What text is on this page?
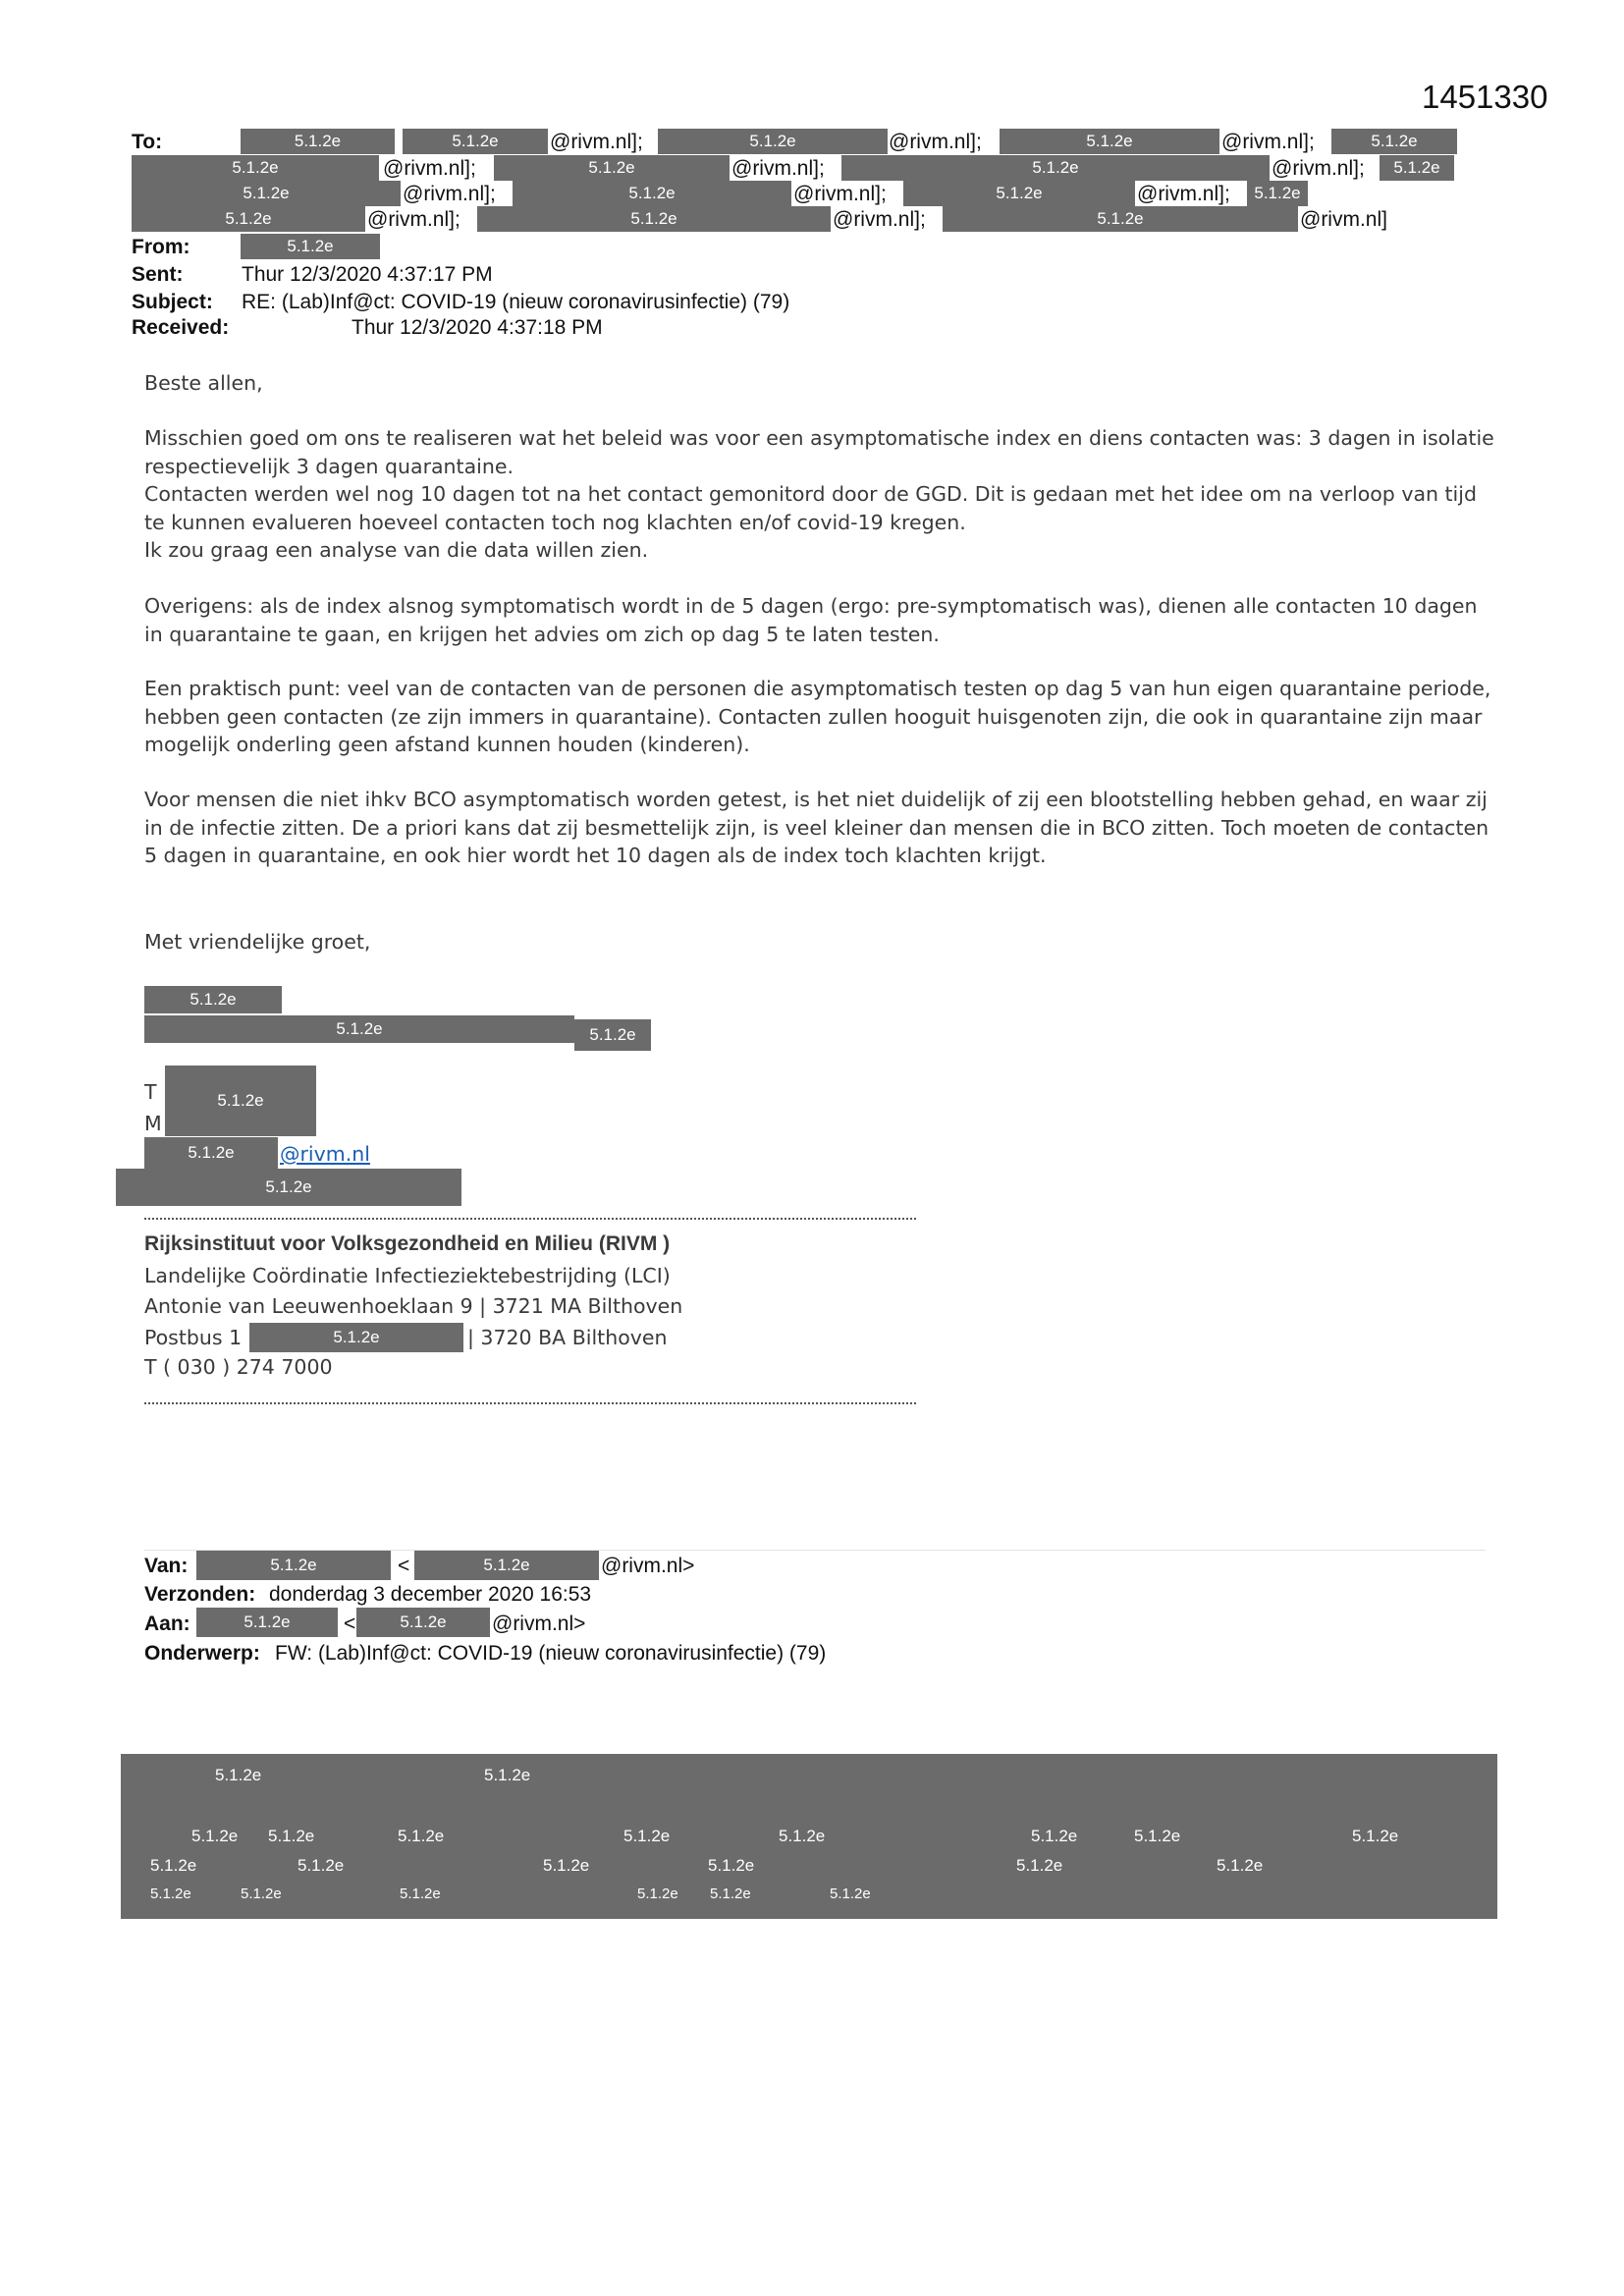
1451330
To:	5.1.2e	5.1.2e	@rivm.nl];	5.1.2e	@rivm.nl];	5.1.2e	@rivm.nl];	5.1.2e
5.1.2e	@rivm.nl];	5.1.2e	@rivm.nl];	5.1.2e	@rivm.nl];	5.1.2e
5.1.2e	@rivm.nl];	5.1.2e	@rivm.nl];	5.1.2e	@rivm.nl];	5.1.2e
5.1.2e	@rivm.nl];	5.1.2e	@rivm.nl];	5.1.2e	@rivm.nl]
From:	5.1.2e
Sent:	Thur 12/3/2020 4:37:17 PM
Subject: RE: (Lab)Inf@ct: COVID-19 (nieuw coronavirusinfectie) (79)
Received:	Thur 12/3/2020 4:37:18 PM
Beste allen,
Misschien goed om ons te realiseren wat het beleid was voor een asymptomatische index en diens contacten was: 3 dagen in isolatie respectievelijk 3 dagen quarantaine.
Contacten werden wel nog 10 dagen tot na het contact gemonitord door de GGD. Dit is gedaan met het idee om na verloop van tijd te kunnen evalueren hoeveel contacten toch nog klachten en/of covid-19 kregen.
Ik zou graag een analyse van die data willen zien.
Overigens: als de index alsnog symptomatisch wordt in de 5 dagen (ergo: pre-symptomatisch was), dienen alle contacten 10 dagen in quarantaine te gaan, en krijgen het advies om zich op dag 5 te laten testen.
Een praktisch punt: veel van de contacten van de personen die asymptomatisch testen op dag 5 van hun eigen quarantaine periode, hebben geen contacten (ze zijn immers in quarantaine). Contacten zullen hooguit huisgenoten zijn, die ook in quarantaine zijn maar mogelijk onderling geen afstand kunnen houden (kinderen).
Voor mensen die niet ihkv BCO asymptomatisch worden getest, is het niet duidelijk of zij een blootstelling hebben gehad, en waar zij in de infectie zitten. De a priori kans dat zij besmettelijk zijn, is veel kleiner dan mensen die in BCO zitten. Toch moeten de contacten 5 dagen in quarantaine, en ook hier wordt het 10 dagen als de index toch klachten krijgt.
Met vriendelijke groet,
5.1.2e
5.1.2e	5.1.2e
T
M
5.1.2e
5.1.2e	@rivm.nl
5.1.2e
Rijksinstituut voor Volksgezondheid en Milieu (RIVM )
Landelijke Coördinatie Infectieziektebestrijding (LCI)
Antonie van Leeuwenhoeklaan 9 | 3721 MA Bilthoven
Postbus 1	5.1.2e	| 3720 BA Bilthoven
T ( 030 ) 274 7000
Van:	5.1.2e	<	5.1.2e	@rivm.nl>
Verzonden: donderdag 3 december 2020 16:53
Aan:	5.1.2e	<	5.1.2e	@rivm.nl>
Onderwerp: FW: (Lab)Inf@ct: COVID-19 (nieuw coronavirusinfectie) (79)
5.1.2e	5.1.2e
5.1.2e 5.1.2e	5.1.2e	5.1.2e	5.1.2e	5.1.2e	5.1.2e	5.1.2e
5.1.2e	5.1.2e	5.1.2e	5.1.2e	5.1.2e	5.1.2e
5.1.2e	5.1.2e	5.1.2e	5.1.2e 5.1.2e	5.1.2e
